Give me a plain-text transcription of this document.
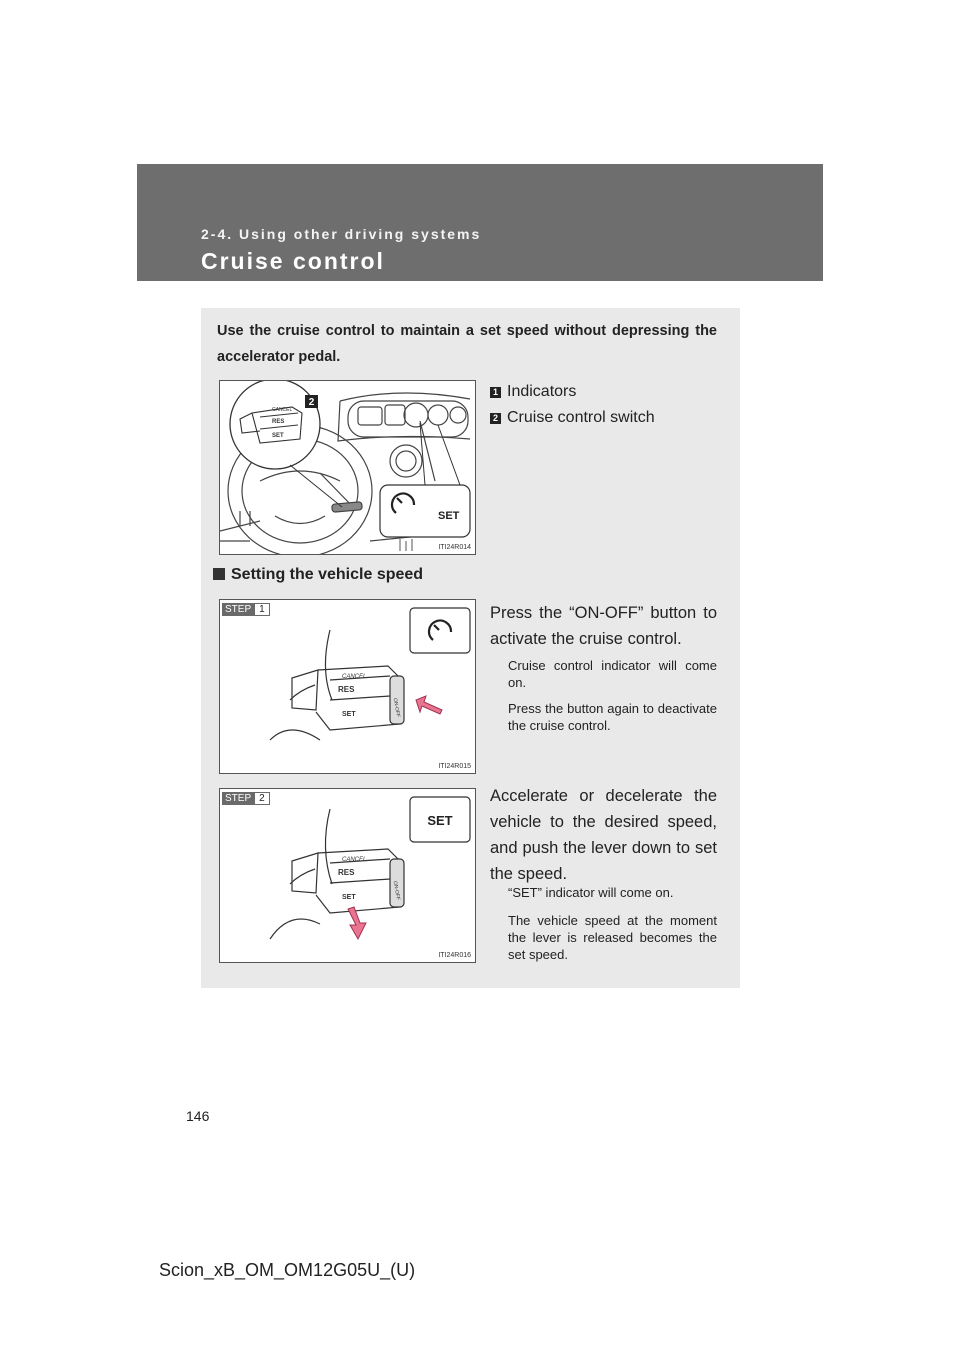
2-4. Using other driving systems
Cruise control
Use the cruise control to maintain a set speed without depressing the accelerator pedal.
CANCEL
RES
SET
2
SET
ITI24R014
1 Indicators
2 Cruise control switch
Setting the vehicle speed
STEP 1
CANCEL
RES
SET	ON-OFF
ITI24R015
Press the “ON-OFF” button to activate the cruise control.
Cruise control indicator will come on.
Press the button again to deactivate the cruise control.
STEP 2
SET
CANCEL
RES
SET	ON-OFF
ITI24R016
Accelerate or decelerate the vehicle to the desired speed, and push the lever down to set the speed.
“SET” indicator will come on.
The vehicle speed at the moment the lever is released becomes the set speed.
146
Scion_xB_OM_OM12G05U_(U)
